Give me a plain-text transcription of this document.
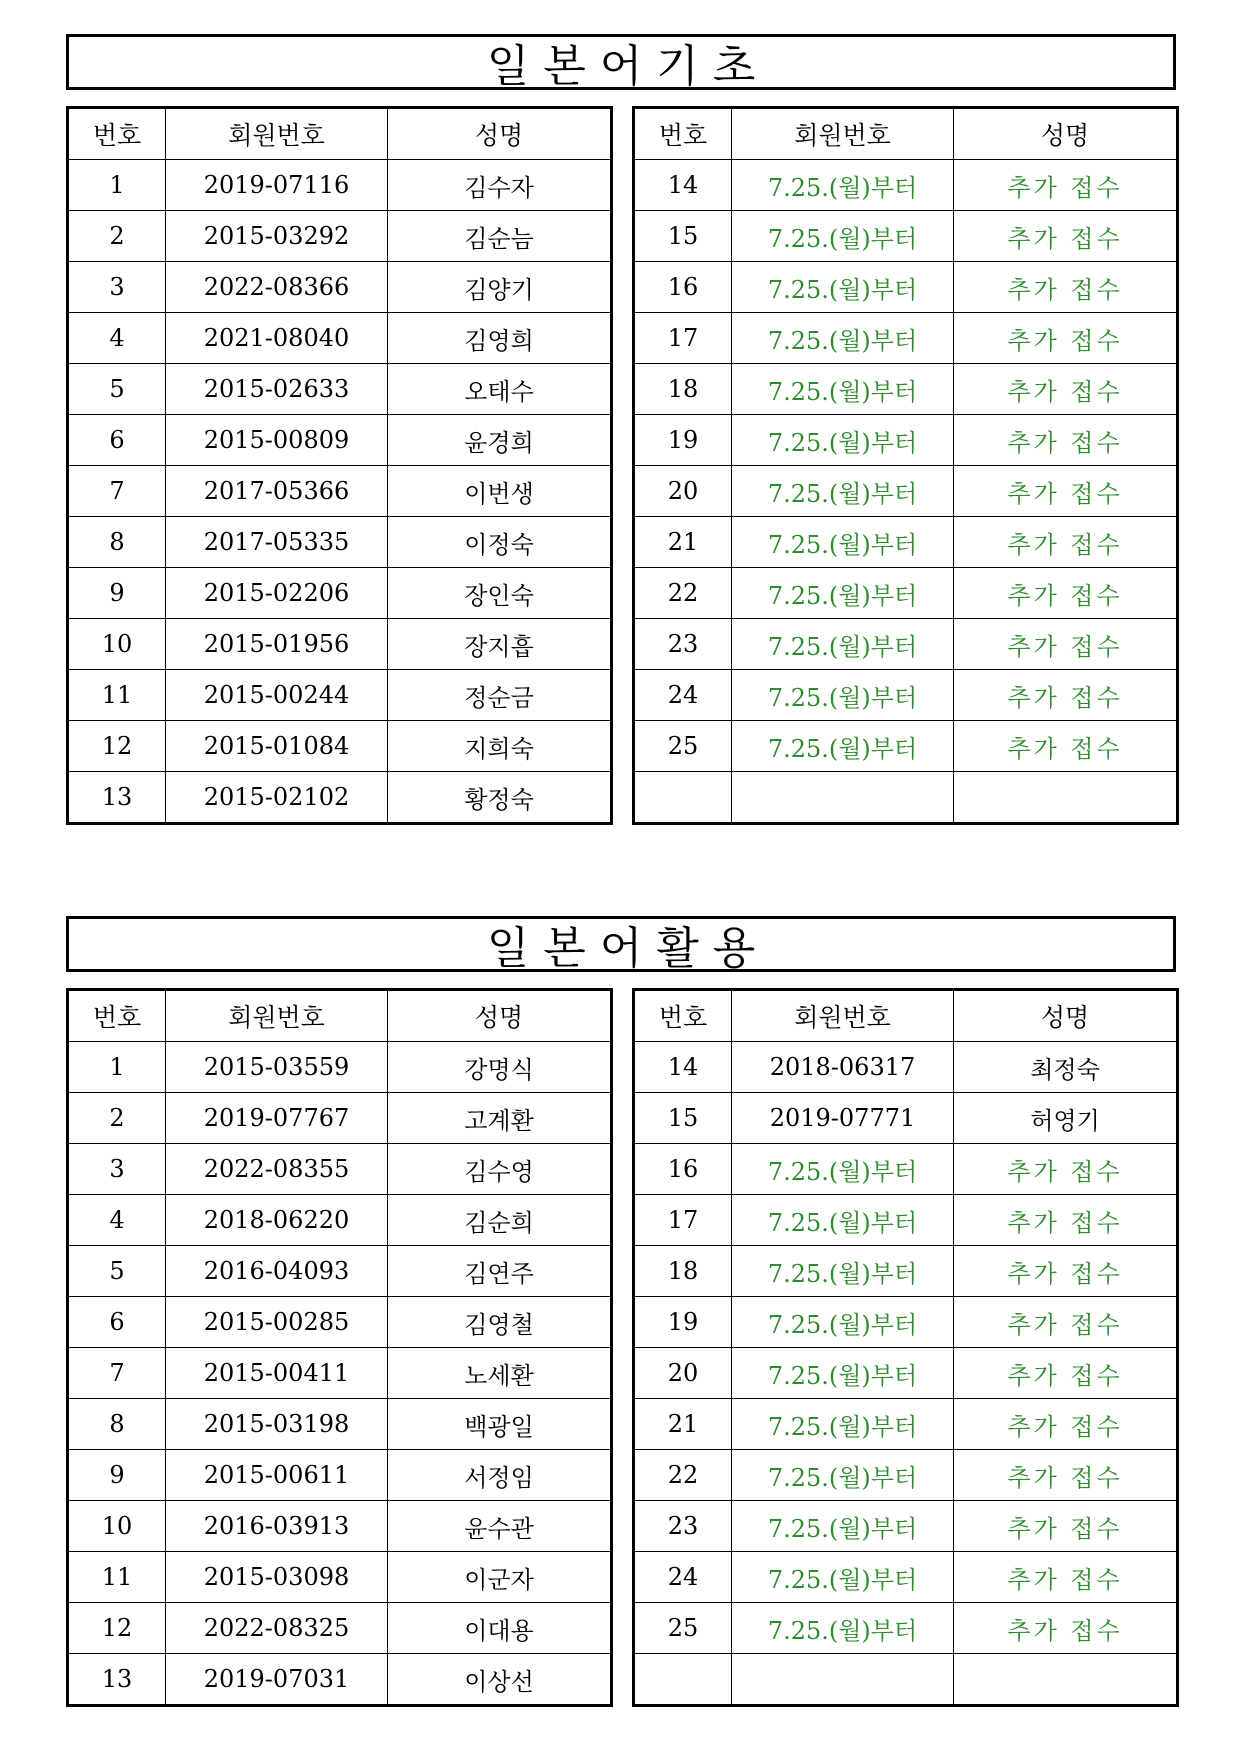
일본어기초
번호	회원번호	성명
1	2019-07116	김수자
2	2015-03292	김순늠
3	2022-08366	김양기
4	2021-08040	김영희
5	2015-02633	오태수
6	2015-00809	윤경희
7	2017-05366	이번생
8	2017-05335	이정숙
9	2015-02206	장인숙
10	2015-01956	장지흡
11	2015-00244	정순금
12	2015-01084	지희숙
13	2015-02102	황정숙
번호	회원번호	성명
14	7.25.(월)부터	추가 접수
15	7.25.(월)부터	추가 접수
16	7.25.(월)부터	추가 접수
17	7.25.(월)부터	추가 접수
18	7.25.(월)부터	추가 접수
19	7.25.(월)부터	추가 접수
20	7.25.(월)부터	추가 접수
21	7.25.(월)부터	추가 접수
22	7.25.(월)부터	추가 접수
23	7.25.(월)부터	추가 접수
24	7.25.(월)부터	추가 접수
25	7.25.(월)부터	추가 접수

일본어활용
번호	회원번호	성명
1	2015-03559	강명식
2	2019-07767	고계환
3	2022-08355	김수영
4	2018-06220	김순희
5	2016-04093	김연주
6	2015-00285	김영철
7	2015-00411	노세환
8	2015-03198	백광일
9	2015-00611	서정임
10	2016-03913	윤수관
11	2015-03098	이군자
12	2022-08325	이대용
13	2019-07031	이상선
번호	회원번호	성명
14	2018-06317	최정숙
15	2019-07771	허영기
16	7.25.(월)부터	추가 접수
17	7.25.(월)부터	추가 접수
18	7.25.(월)부터	추가 접수
19	7.25.(월)부터	추가 접수
20	7.25.(월)부터	추가 접수
21	7.25.(월)부터	추가 접수
22	7.25.(월)부터	추가 접수
23	7.25.(월)부터	추가 접수
24	7.25.(월)부터	추가 접수
25	7.25.(월)부터	추가 접수
